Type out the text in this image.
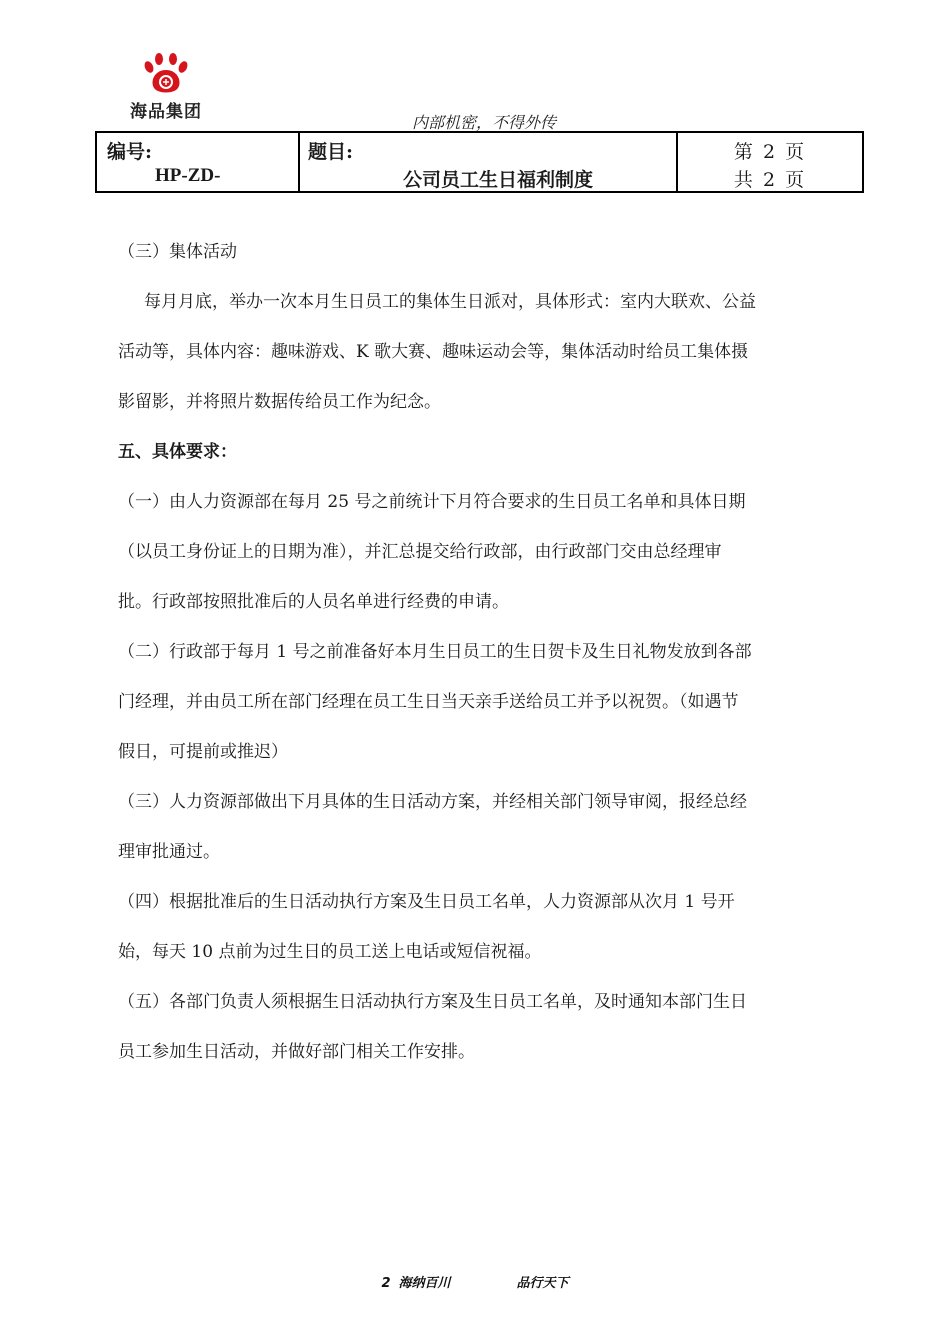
海品集团
内部机密，不得外传
编号:
HP-ZD-

题目:
公司员工生日福利制度

第 2 页
共 2 页

（三）集体活动

每月月底，举办一次本月生日员工的集体生日派对，具体形式：室内大联欢、公益

活动等，具体内容：趣味游戏、K 歌大赛、趣味运动会等，集体活动时给员工集体摄

影留影，并将照片数据传给员工作为纪念。

五、具体要求：

（一）由人力资源部在每月 25 号之前统计下月符合要求的生日员工名单和具体日期

（以员工身份证上的日期为准），并汇总提交给行政部，由行政部门交由总经理审

批。行政部按照批准后的人员名单进行经费的申请。

（二）行政部于每月 1 号之前准备好本月生日员工的生日贺卡及生日礼物发放到各部

门经理，并由员工所在部门经理在员工生日当天亲手送给员工并予以祝贺。（如遇节

假日，可提前或推迟）

（三）人力资源部做出下月具体的生日活动方案，并经相关部门领导审阅，报经总经

理审批通过。

（四）根据批准后的生日活动执行方案及生日员工名单，人力资源部从次月 1 号开

始，每天 10 点前为过生日的员工送上电话或短信祝福。

（五）各部门负责人须根据生日活动执行方案及生日员工名单，及时通知本部门生日

员工参加生日活动，并做好部门相关工作安排。

2 海纳百川	品行天下
